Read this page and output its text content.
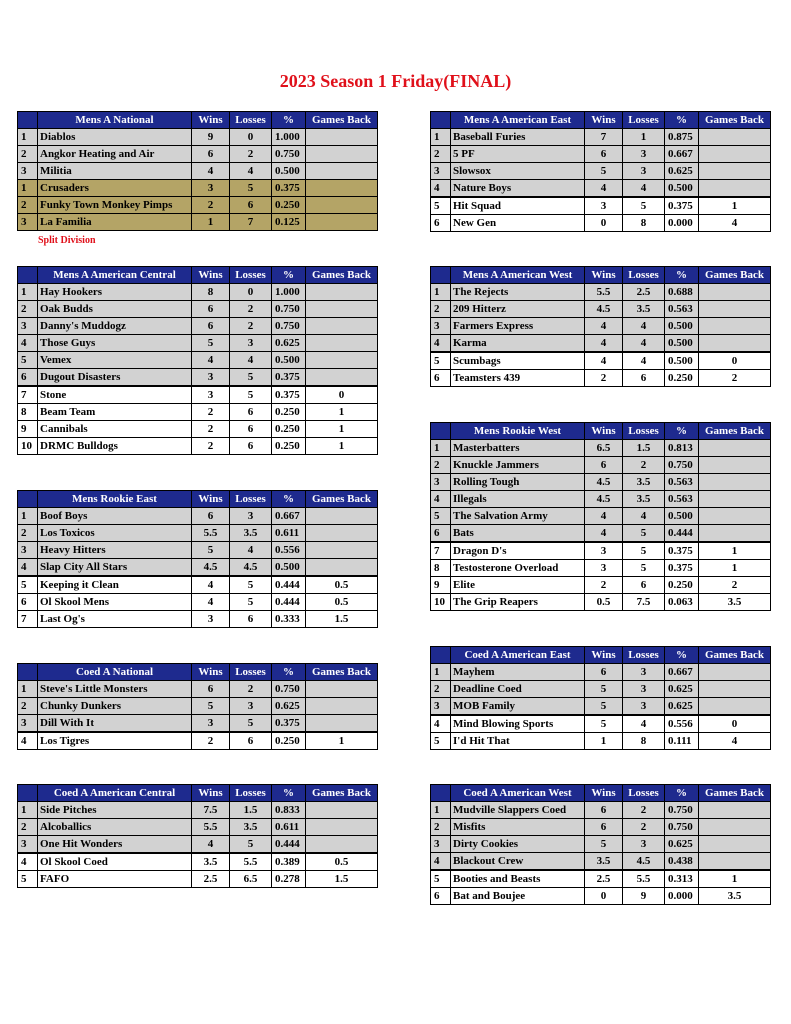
2023 Season 1 Friday(FINAL)
	Mens A National	Wins	Losses	%	Games Back
1	Diablos	9	0	1.000	
2	Angkor Heating and Air	6	2	0.750	
3	Militia	4	4	0.500	
1	Crusaders	3	5	0.375	
2	Funky Town Monkey Pimps	2	6	0.250	
3	La Familia	1	7	0.125	
	Mens A American East	Wins	Losses	%	Games Back
1	Baseball Furies	7	1	0.875	
2	5 PF	6	3	0.667	
3	Slowsox	5	3	0.625	
4	Nature Boys	4	4	0.500	
5	Hit Squad	3	5	0.375	1
6	New Gen	0	8	0.000	4
	Mens A American Central	Wins	Losses	%	Games Back
1	Hay Hookers	8	0	1.000	
2	Oak Budds	6	2	0.750	
3	Danny's Muddogz	6	2	0.750	
4	Those Guys	5	3	0.625	
5	Vemex	4	4	0.500	
6	Dugout Disasters	3	5	0.375	
7	Stone	3	5	0.375	0
8	Beam Team	2	6	0.250	1
9	Cannibals	2	6	0.250	1
10	DRMC Bulldogs	2	6	0.250	1
	Mens A American West	Wins	Losses	%	Games Back
1	The Rejects	5.5	2.5	0.688	
2	209 Hitterz	4.5	3.5	0.563	
3	Farmers Express	4	4	0.500	
4	Karma	4	4	0.500	
5	Scumbags	4	4	0.500	0
6	Teamsters 439	2	6	0.250	2
	Mens Rookie West	Wins	Losses	%	Games Back
1	Masterbatters	6.5	1.5	0.813	
2	Knuckle Jammers	6	2	0.750	
3	Rolling Tough	4.5	3.5	0.563	
4	Illegals	4.5	3.5	0.563	
5	The Salvation Army	4	4	0.500	
6	Bats	4	5	0.444	
7	Dragon D's	3	5	0.375	1
8	Testosterone Overload	3	5	0.375	1
9	Elite	2	6	0.250	2
10	The Grip Reapers	0.5	7.5	0.063	3.5
	Mens Rookie East	Wins	Losses	%	Games Back
1	Boof Boys	6	3	0.667	
2	Los Toxicos	5.5	3.5	0.611	
3	Heavy Hitters	5	4	0.556	
4	Slap City All Stars	4.5	4.5	0.500	
5	Keeping it Clean	4	5	0.444	0.5
6	Ol Skool Mens	4	5	0.444	0.5
7	Last Og's	3	6	0.333	1.5
	Coed A National	Wins	Losses	%	Games Back
1	Steve's Little Monsters	6	2	0.750	
2	Chunky Dunkers	5	3	0.625	
3	Dill With It	3	5	0.375	
4	Los Tigres	2	6	0.250	1
	Coed A American East	Wins	Losses	%	Games Back
1	Mayhem	6	3	0.667	
2	Deadline Coed	5	3	0.625	
3	MOB Family	5	3	0.625	
4	Mind Blowing Sports	5	4	0.556	0
5	I'd Hit That	1	8	0.111	4
	Coed A American Central	Wins	Losses	%	Games Back
1	Side Pitches	7.5	1.5	0.833	
2	Alcoballics	5.5	3.5	0.611	
3	One Hit Wonders	4	5	0.444	
4	Ol Skool Coed	3.5	5.5	0.389	0.5
5	FAFO	2.5	6.5	0.278	1.5
	Coed A American West	Wins	Losses	%	Games Back
1	Mudville Slappers Coed	6	2	0.750	
2	Misfits	6	2	0.750	
3	Dirty Cookies	5	3	0.625	
4	Blackout Crew	3.5	4.5	0.438	
5	Booties and Beasts	2.5	5.5	0.313	1
6	Bat and Boujee	0	9	0.000	3.5
Split Division
